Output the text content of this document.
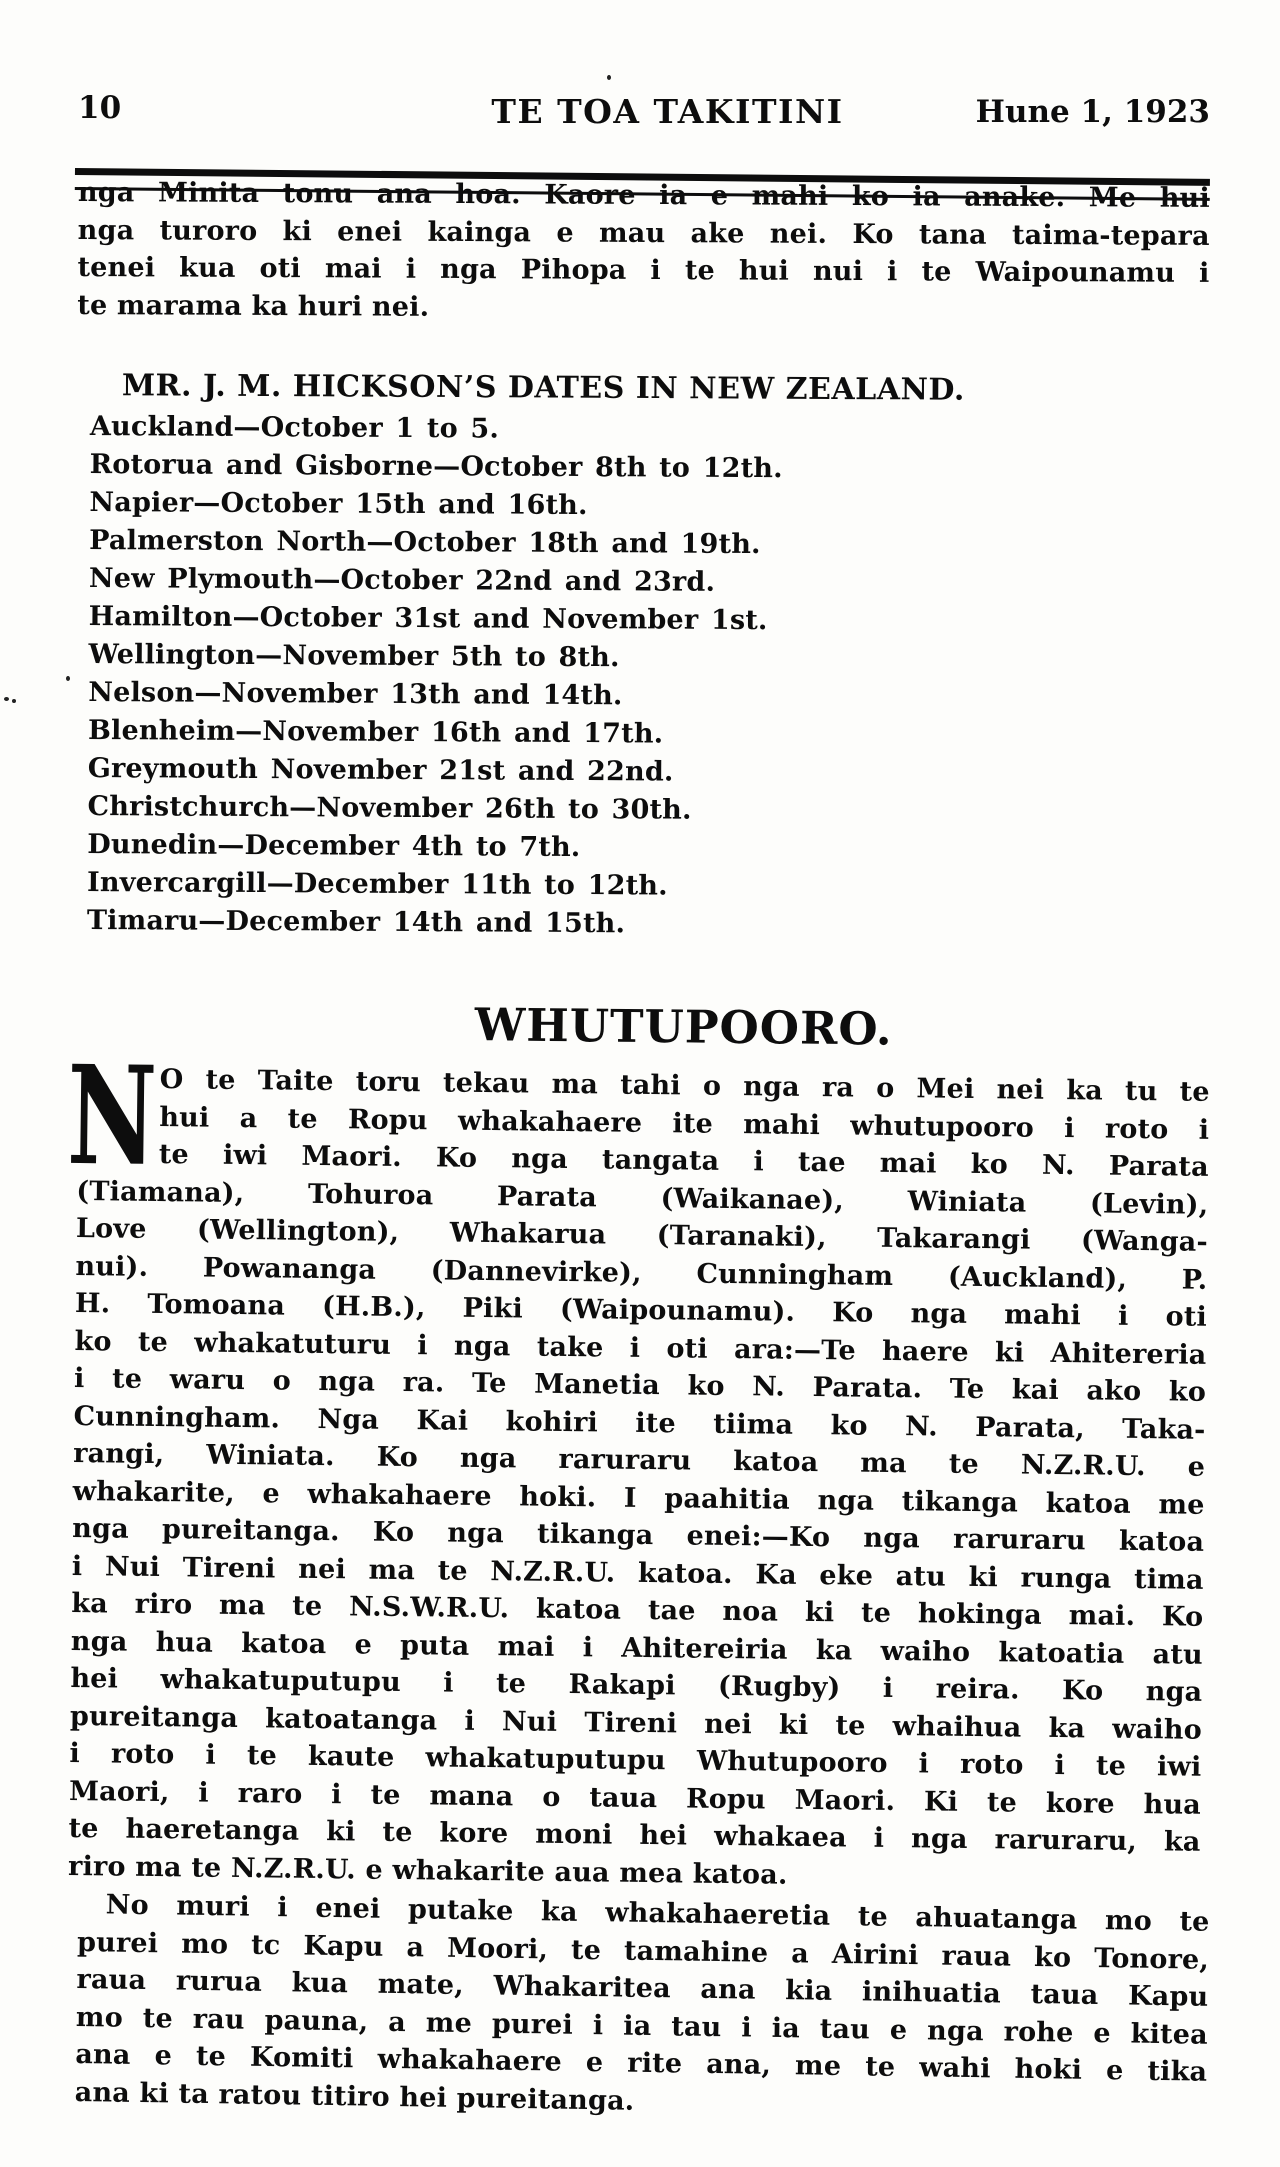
10	TE TOA TAKITINI	Hune 1, 1923
nga Minita tonu ana hoa. Kaore ia e mahi ko ia anake. Me hui
nga turoro ki enei kainga e mau ake nei. Ko tana taima-tepara
tenei kua oti mai i nga Pihopa i te hui nui i te Waipounamu i
te marama ka huri nei.
MR. J. M. HICKSON’S DATES IN NEW ZEALAND.
Auckland—October 1 to 5.
Rotorua and Gisborne—October 8th to 12th.
Napier—October 15th and 16th.
Palmerston North—October 18th and 19th.
New Plymouth—October 22nd and 23rd.
Hamilton—October 31st and November 1st.
Wellington—November 5th to 8th.
Nelson—November 13th and 14th.
Blenheim—November 16th and 17th.
Greymouth November 21st and 22nd.
Christchurch—November 26th to 30th.
Dunedin—December 4th to 7th.
Invercargill—December 11th to 12th.
Timaru—December 14th and 15th.
WHUTUPOORO.
N O te Taite toru tekau ma tahi o nga ra o Mei nei ka tu te
hui a te Ropu whakahaere ite mahi whutupooro i roto i
te iwi Maori. Ko nga tangata i tae mai ko N. Parata
(Tiamana), Tohuroa Parata (Waikanae), Winiata (Levin),
Love (Wellington), Whakarua (Taranaki), Takarangi (Wanga-
nui). Powananga (Dannevirke), Cunningham (Auckland), P.
H. Tomoana (H.B.), Piki (Waipounamu). Ko nga mahi i oti
ko te whakatuturu i nga take i oti ara:—Te haere ki Ahitereria
i te waru o nga ra. Te Manetia ko N. Parata. Te kai ako ko
Cunningham. Nga Kai kohiri ite tiima ko N. Parata, Taka-
rangi, Winiata. Ko nga raruraru katoa ma te N.Z.R.U. e
whakarite, e whakahaere hoki. I paahitia nga tikanga katoa me
nga pureitanga. Ko nga tikanga enei:—Ko nga raruraru katoa
i Nui Tireni nei ma te N.Z.R.U. katoa. Ka eke atu ki runga tima
ka riro ma te N.S.W.R.U. katoa tae noa ki te hokinga mai. Ko
nga hua katoa e puta mai i Ahitereiria ka waiho katoatia atu
hei whakatuputupu i te Rakapi (Rugby) i reira. Ko nga
pureitanga katoatanga i Nui Tireni nei ki te whaihua ka waiho
i roto i te kaute whakatuputupu Whutupooro i roto i te iwi
Maori, i raro i te mana o taua Ropu Maori. Ki te kore hua
te haeretanga ki te kore moni hei whakaea i nga raruraru, ka
riro ma te N.Z.R.U. e whakarite aua mea katoa.
No muri i enei putake ka whakahaeretia te ahuatanga mo te
purei mo tc Kapu a Moori, te tamahine a Airini raua ko Tonore,
raua rurua kua mate, Whakaritea ana kia inihuatia taua Kapu
mo te rau pauna, a me purei i ia tau i ia tau e nga rohe e kitea
ana e te Komiti whakahaere e rite ana, me te wahi hoki e tika
ana ki ta ratou titiro hei pureitanga.
